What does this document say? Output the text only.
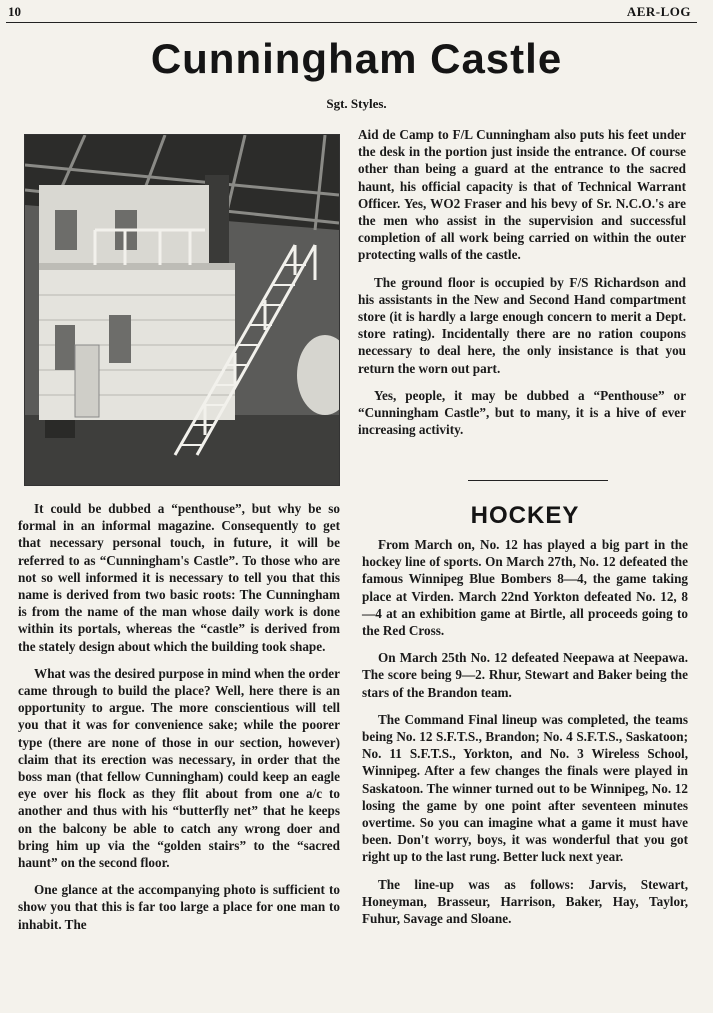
10	AER-LOG
Cunningham Castle
Sgt. Styles.

Aid de Camp to F/L Cunningham also puts his feet under the desk in the portion just inside the entrance. Of course other than being a guard at the entrance to the sacred haunt, his official capacity is that of Technical Warrant Officer. Yes, WO2 Fraser and his bevy of Sr. N.C.O.'s are the men who assist in the supervision and successful completion of all work being carried on within the outer protecting walls of the castle.

The ground floor is occupied by F/S Richardson and his assistants in the New and Second Hand compartment store (it is hardly a large enough concern to merit a Dept. store rating). Incidentally there are no ration coupons necessary to deal here, the only insistance is that you return the worn out part.

Yes, people, it may be dubbed a “Penthouse” or “Cunningham Castle”, but to many, it is a hive of ever increasing activity.

HOCKEY

It could be dubbed a “penthouse”, but why be so formal in an informal magazine. Consequently to get that necessary personal touch, in future, it will be referred to as “Cunningham's Castle”. To those who are not so well informed it is necessary to tell you that this name is derived from two basic roots: The Cunningham is from the name of the man whose daily work is done within its portals, whereas the “castle” is derived from the stately design about which the building took shape.

What was the desired purpose in mind when the order came through to build the place? Well, here there is an opportunity to argue. The more conscientious will tell you that it was for convenience sake; while the poorer type (there are none of those in our section, however) claim that its erection was necessary, in order that the boss man (that fellow Cunningham) could keep an eagle eye over his flock as they flit about from one a/c to another and thus with his “butterfly net” that he keeps on the balcony be able to catch any wrong doer and bring him up via the “golden stairs” to the “sacred haunt” on the second floor.

One glance at the accompanying photo is sufficient to show you that this is far too large a place for one man to inhabit. The

From March on, No. 12 has played a big part in the hockey line of sports. On March 27th, No. 12 defeated the famous Winnipeg Blue Bombers 8—4, the game taking place at Virden. March 22nd Yorkton defeated No. 12, 8—4 at an exhibition game at Birtle, all proceeds going to the Red Cross.

On March 25th No. 12 defeated Neepawa at Neepawa. The score being 9—2. Rhur, Stewart and Baker being the stars of the Brandon team.

The Command Final lineup was completed, the teams being No. 12 S.F.T.S., Brandon; No. 4 S.F.T.S., Saskatoon; No. 11 S.F.T.S., Yorkton, and No. 3 Wireless School, Winnipeg. After a few changes the finals were played in Saskatoon. The winner turned out to be Winnipeg, No. 12 losing the game by one point after seventeen minutes overtime. So you can imagine what a game it must have been. Don't worry, boys, it was wonderful that you got right up to the last rung. Better luck next year.

The line-up was as follows: Jarvis, Stewart, Honeyman, Brasseur, Harrison, Baker, Hay, Taylor, Fuhur, Savage and Sloane.
